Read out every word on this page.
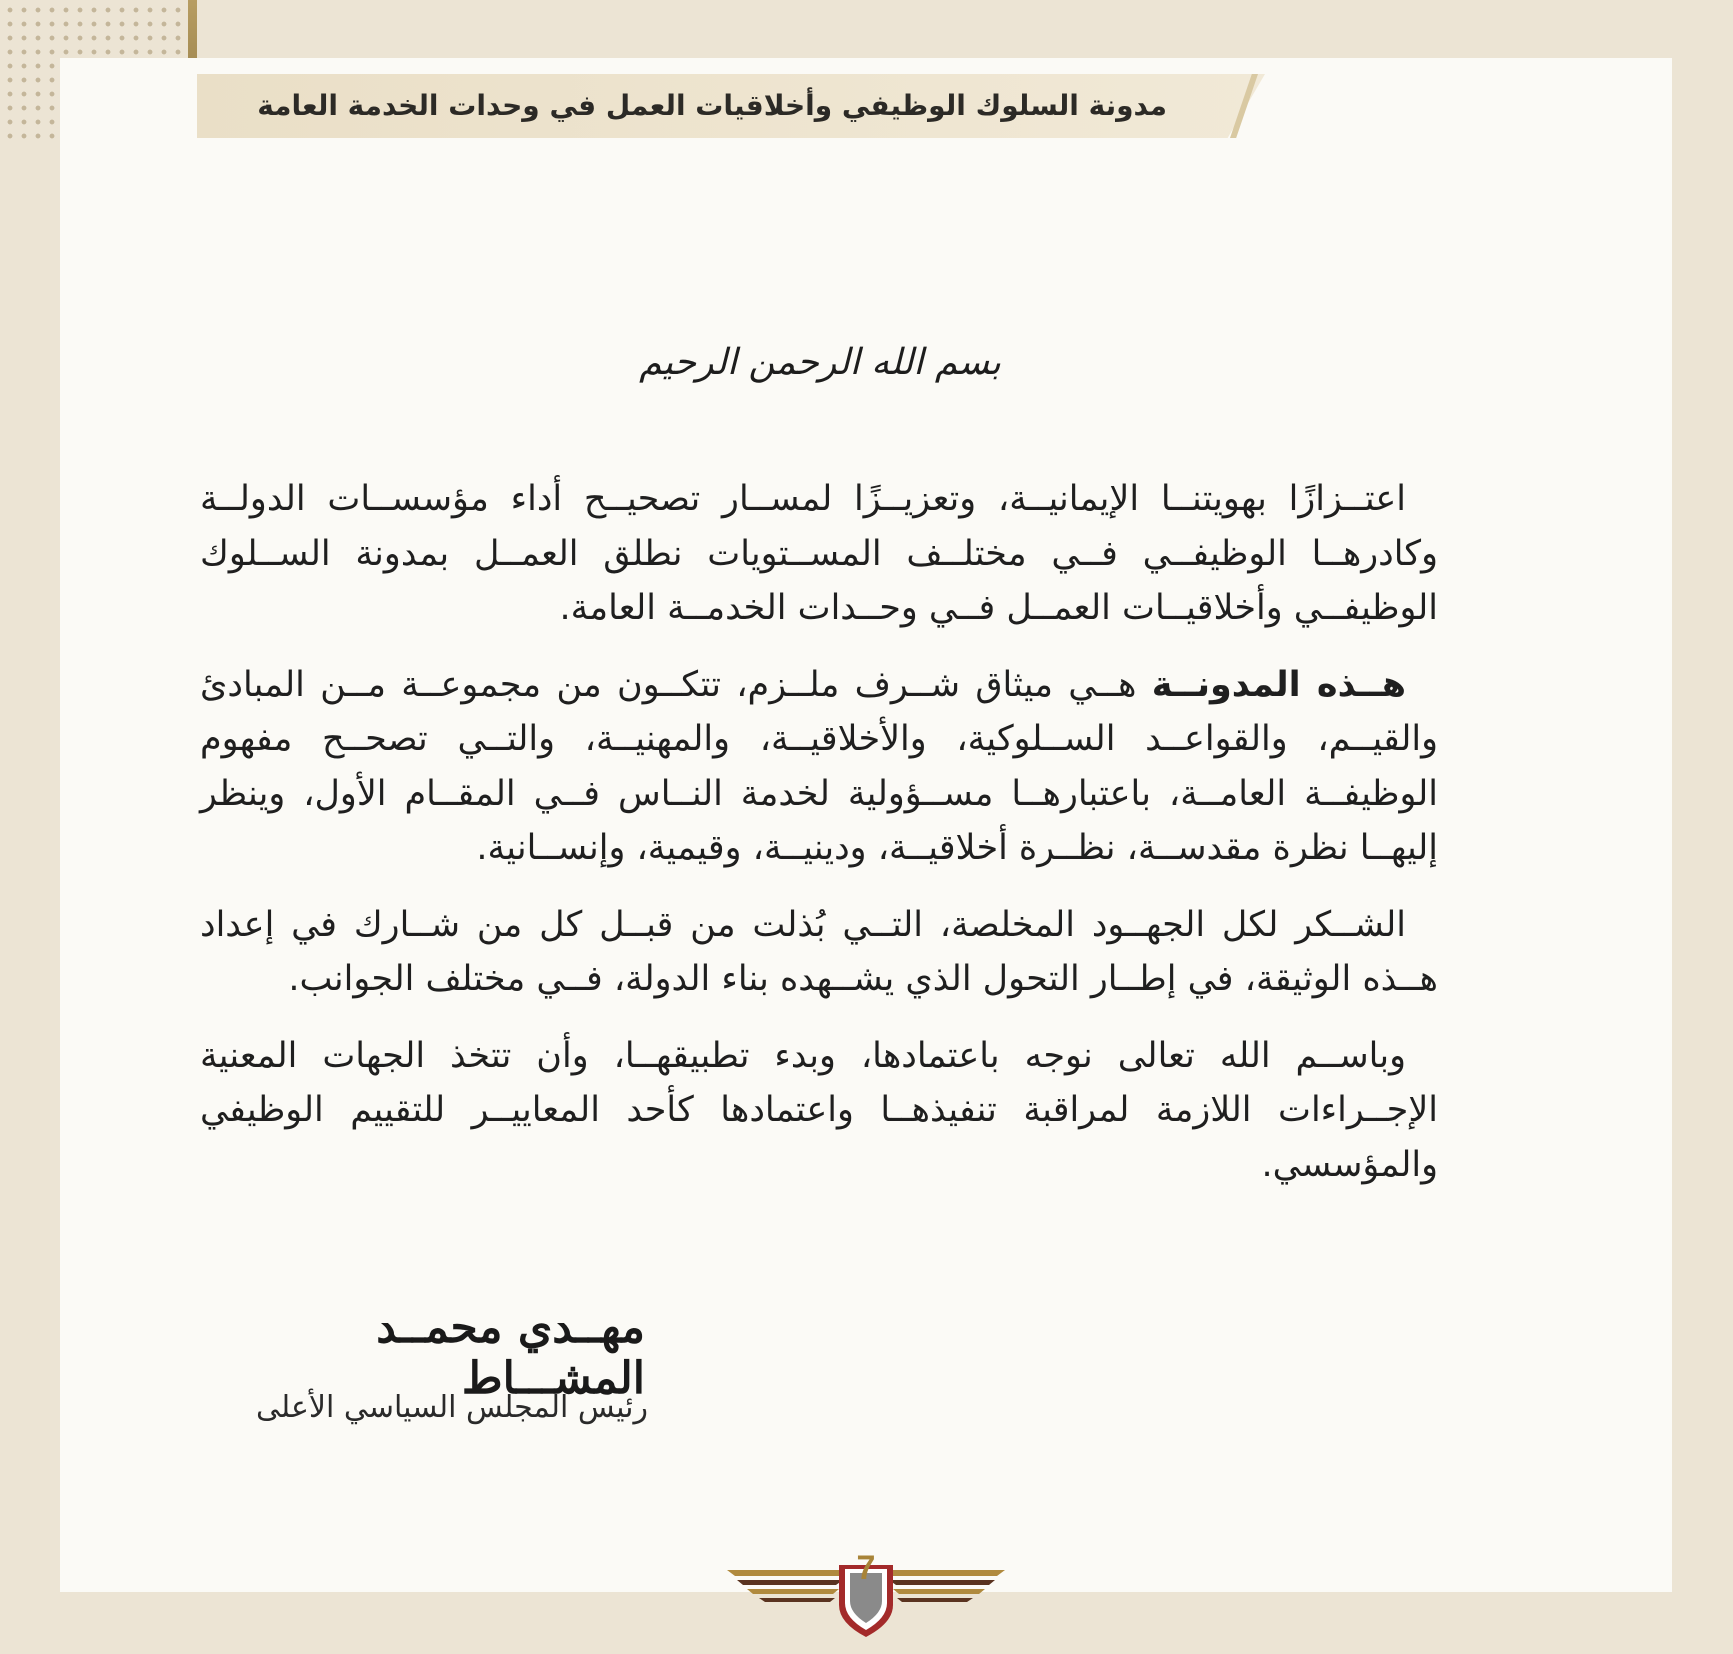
مدونة السلوك الوظيفي وأخلاقيات العمل في وحدات الخدمة العامة
بسم الله الرحمن الرحيم

اعتــزازًا بهويتنــا الإيمانيــة، وتعزيــزًا لمســار تصحيــح أداء مؤسســات الدولــة وكادرهــا الوظيفــي فــي مختلــف المســتويات نطلق العمــل بمدونة الســلوك الوظيفــي وأخلاقيــات العمــل فــي وحــدات الخدمــة العامة.

هــذه المدونــة هــي ميثاق شــرف ملــزم، تتكــون من مجموعــة مــن المبادئ والقيــم، والقواعــد الســلوكية، والأخلاقيــة، والمهنيــة، والتــي تصحــح مفهوم الوظيفــة العامــة، باعتبارهــا مســؤولية لخدمة النــاس فــي المقــام الأول، وينظر إليهــا نظرة مقدســة، نظــرة أخلاقيــة، ودينيــة، وقيمية، وإنســانية.

الشــكر لكل الجهــود المخلصة، التــي بُذلت من قبــل كل من شــارك في إعداد هــذه الوثيقة، في إطــار التحول الذي يشــهده بناء الدولة، فــي مختلف الجوانب.

وباســم الله تعالى نوجه باعتمادها، وبدء تطبيقهــا، وأن تتخذ الجهات المعنية الإجــراءات اللازمة لمراقبة تنفيذهــا واعتمادها كأحد المعاييــر للتقييم الوظيفي والمؤسسي.

مهــدي محمــد المشـــاط
رئيس المجلس السياسي الأعلى
7
